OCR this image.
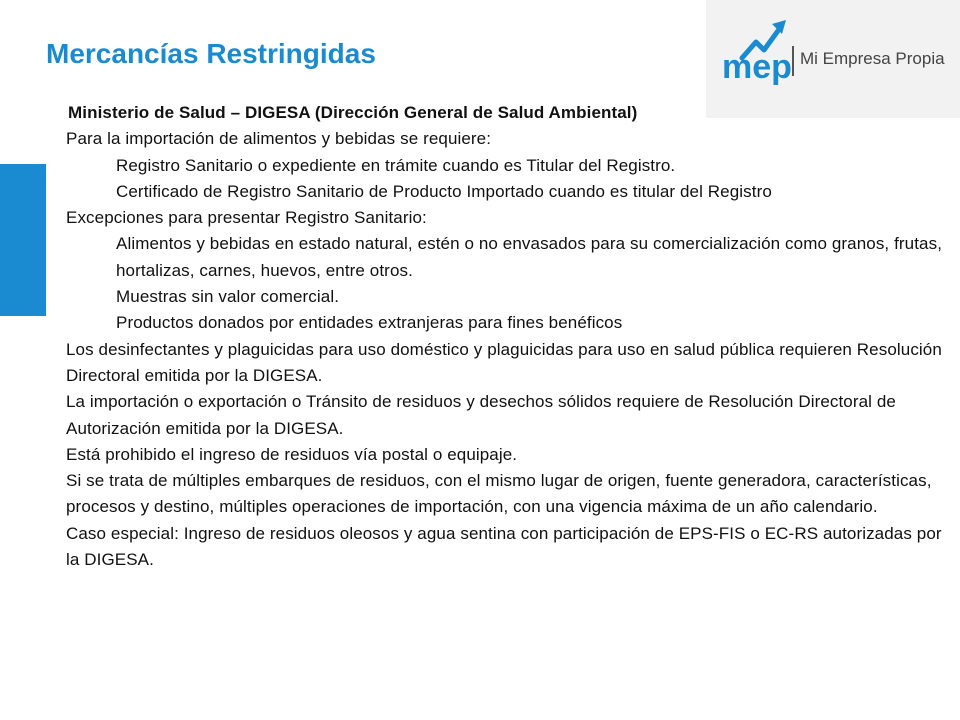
Mercancías Restringidas	mep Mi Empresa Propia

Ministerio de Salud – DIGESA (Dirección General de Salud Ambiental)

Para la importación de alimentos y bebidas se requiere:

Registro Sanitario o expediente en trámite cuando es Titular del Registro.

Certificado de Registro Sanitario de Producto Importado cuando es titular del Registro

Excepciones para presentar Registro Sanitario:

Alimentos y bebidas en estado natural, estén o no envasados para su comercialización como granos, frutas, hortalizas, carnes, huevos, entre otros.

Muestras sin valor comercial.

Productos donados por entidades extranjeras para fines benéficos

Los desinfectantes y plaguicidas para uso doméstico y plaguicidas para uso en salud pública requieren Resolución Directoral emitida por la DIGESA.

La importación o exportación o Tránsito de residuos y desechos sólidos requiere de Resolución Directoral de Autorización emitida por la DIGESA.

Está prohibido el ingreso de residuos vía postal o equipaje.

Si se trata de múltiples embarques de residuos, con el mismo lugar de origen, fuente generadora, características, procesos y destino, múltiples operaciones de importación, con una vigencia máxima de un año calendario.

Caso especial: Ingreso de residuos oleosos y agua sentina con participación de EPS-FIS o EC-RS autorizadas por la DIGESA.
